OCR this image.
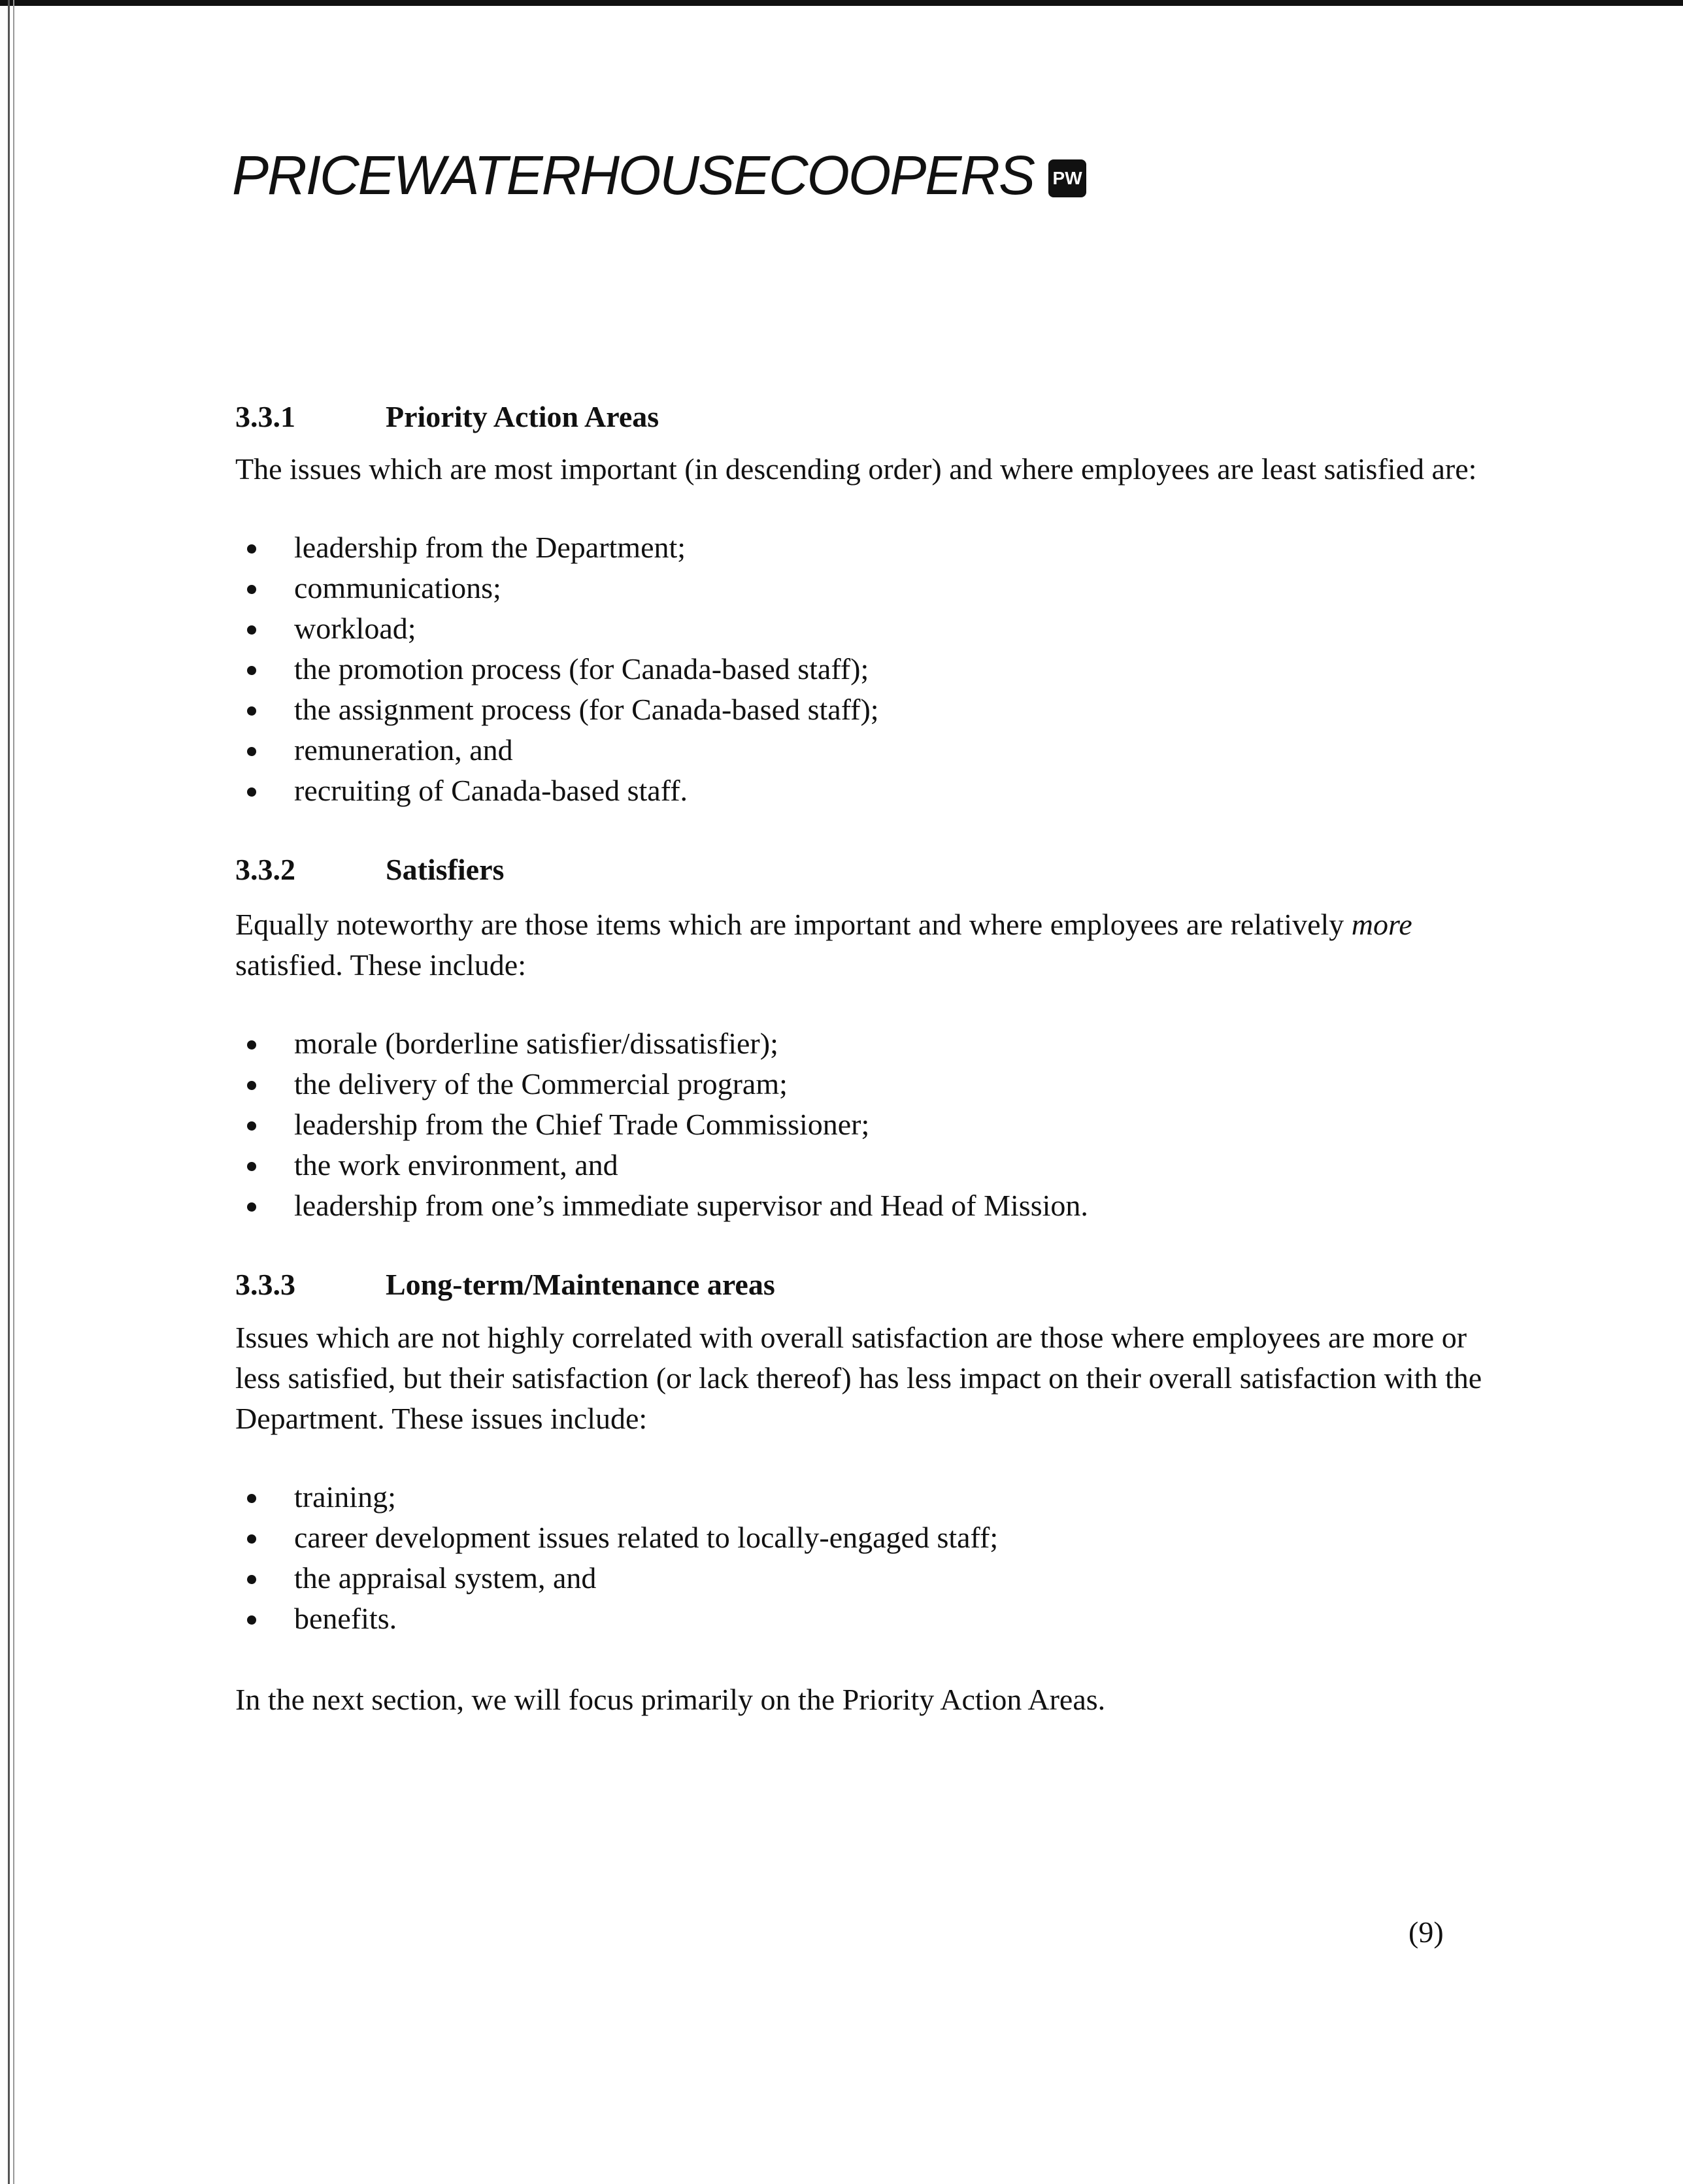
PRICEWATERHOUSECOOPERS PW
3.3.1	Priority Action Areas

The issues which are most important (in descending order) and where employees are least satisfied are:

leadership from the Department;
communications;
workload;
the promotion process (for Canada-based staff);
the assignment process (for Canada-based staff);
remuneration, and
recruiting of Canada-based staff.
3.3.2	Satisfiers

Equally noteworthy are those items which are important and where employees are relatively more satisfied. These include:

morale (borderline satisfier/dissatisfier);
the delivery of the Commercial program;
leadership from the Chief Trade Commissioner;
the work environment, and
leadership from one’s immediate supervisor and Head of Mission.
3.3.3	Long-term/Maintenance areas

Issues which are not highly correlated with overall satisfaction are those where employees are more or less satisfied, but their satisfaction (or lack thereof) has less impact on their overall satisfaction with the Department. These issues include:

training;
career development issues related to locally-engaged staff;
the appraisal system, and
benefits.

In the next section, we will focus primarily on the Priority Action Areas.

(9)
